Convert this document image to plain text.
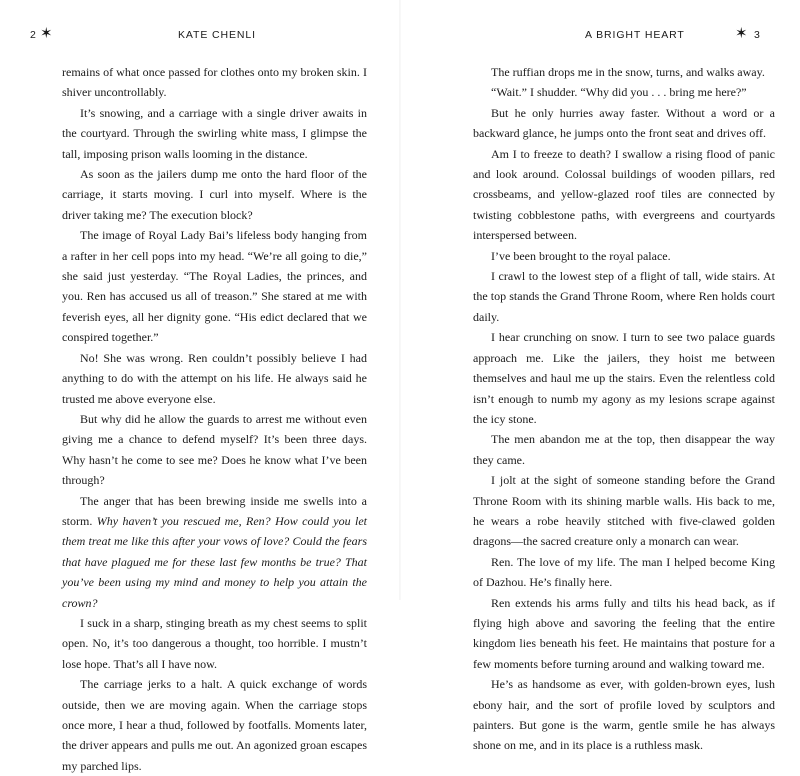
2 ✶	KATE CHENLI

remains of what once passed for clothes onto my broken skin. I shiver uncontrollably.

It’s snowing, and a carriage with a single driver awaits in the courtyard. Through the swirling white mass, I glimpse the tall, imposing prison walls looming in the distance.

As soon as the jailers dump me onto the hard floor of the carriage, it starts moving. I curl into myself. Where is the driver taking me? The execution block?

The image of Royal Lady Bai’s lifeless body hanging from a rafter in her cell pops into my head. “We’re all going to die,” she said just yesterday. “The Royal Ladies, the princes, and you. Ren has accused us all of treason.” She stared at me with feverish eyes, all her dignity gone. “His edict declared that we conspired together.”

No! She was wrong. Ren couldn’t possibly believe I had anything to do with the attempt on his life. He always said he trusted me above everyone else.

But why did he allow the guards to arrest me without even giving me a chance to defend myself? It’s been three days. Why hasn’t he come to see me? Does he know what I’ve been through?

The anger that has been brewing inside me swells into a storm. Why haven’t you rescued me, Ren? How could you let them treat me like this after your vows of love? Could the fears that have plagued me for these last few months be true? That you’ve been using my mind and money to help you attain the crown?

I suck in a sharp, stinging breath as my chest seems to split open. No, it’s too dangerous a thought, too horrible. I mustn’t lose hope. That’s all I have now.

The carriage jerks to a halt. A quick exchange of words outside, then we are moving again. When the carriage stops once more, I hear a thud, followed by footfalls. Moments later, the driver appears and pulls me out. An agonized groan escapes my parched lips.

A BRIGHT HEART	✶ 3

The ruffian drops me in the snow, turns, and walks away.

“Wait.” I shudder. “Why did you . . . bring me here?”

But he only hurries away faster. Without a word or a backward glance, he jumps onto the front seat and drives off.

Am I to freeze to death? I swallow a rising flood of panic and look around. Colossal buildings of wooden pillars, red crossbeams, and yellow-glazed roof tiles are connected by twisting cobblestone paths, with evergreens and courtyards interspersed between.

I’ve been brought to the royal palace.

I crawl to the lowest step of a flight of tall, wide stairs. At the top stands the Grand Throne Room, where Ren holds court daily.

I hear crunching on snow. I turn to see two palace guards approach me. Like the jailers, they hoist me between themselves and haul me up the stairs. Even the relentless cold isn’t enough to numb my agony as my lesions scrape against the icy stone.

The men abandon me at the top, then disappear the way they came.

I jolt at the sight of someone standing before the Grand Throne Room with its shining marble walls. His back to me, he wears a robe heavily stitched with five-clawed golden dragons—the sacred creature only a monarch can wear.

Ren. The love of my life. The man I helped become King of Dazhou. He’s finally here.

Ren extends his arms fully and tilts his head back, as if flying high above and savoring the feeling that the entire kingdom lies beneath his feet. He maintains that posture for a few moments before turning around and walking toward me.

He’s as handsome as ever, with golden-brown eyes, lush ebony hair, and the sort of profile loved by sculptors and painters. But gone is the warm, gentle smile he has always shone on me, and in its place is a ruthless mask.
